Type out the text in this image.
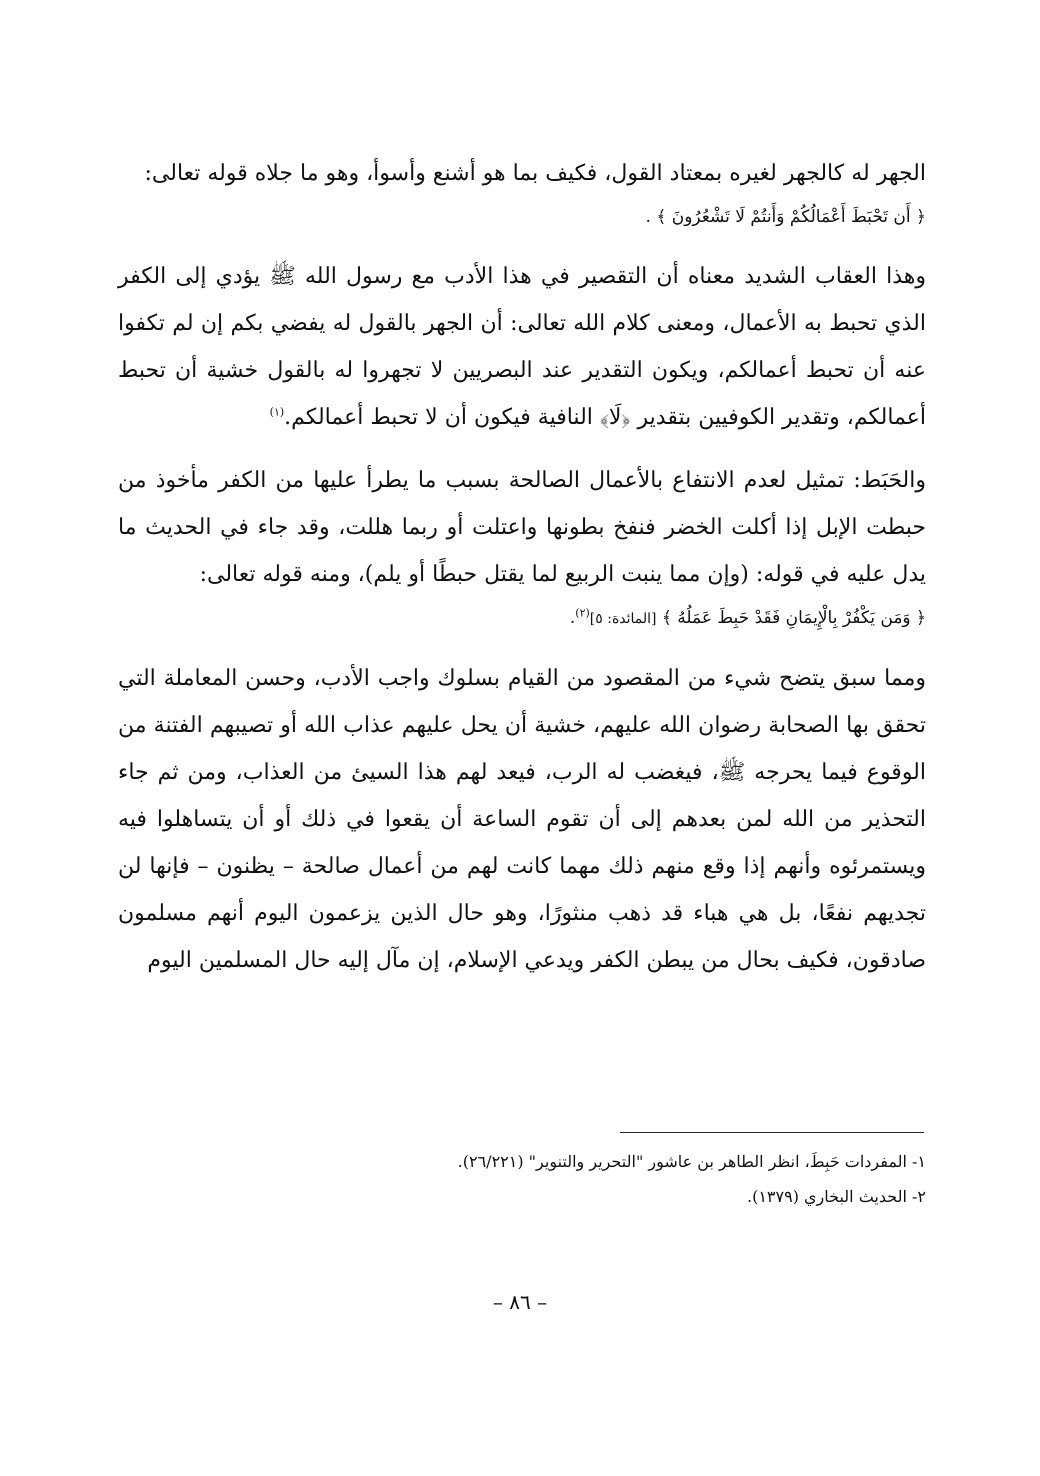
الجهر له كالجهر لغيره بمعتاد القول، فكيف بما هو أشنع وأسوأ، وهو ما جلاه قوله تعالى:
﴿ أَن تَحْبَطَ أَعْمَالُكُمْ وَأَنتُمْ لَا تَشْعُرُونَ ﴾ .

وهذا العقاب الشديد معناه أن التقصير في هذا الأدب مع رسول الله ﷺ يؤدي إلى الكفر الذي تحبط به الأعمال، ومعنى كلام الله تعالى: أن الجهر بالقول له يفضي بكم إن لم تكفوا عنه أن تحبط أعمالكم، ويكون التقدير عند البصريين لا تجهروا له بالقول خشية أن تحبط أعمالكم، وتقدير الكوفيين بتقدير ﴿لَا﴾ النافية فيكون أن لا تحبط أعمالكم.$^{(١)}$

والحَبَط: تمثيل لعدم الانتفاع بالأعمال الصالحة بسبب ما يطرأ عليها من الكفر مأخوذ من حبطت الإبل إذا أكلت الخضر فنفخ بطونها واعتلت أو ربما هللت، وقد جاء في الحديث ما يدل عليه في قوله: (وإن مما ينبت الربيع لما يقتل حبطًا أو يلم)، ومنه قوله تعالى:
﴿ وَمَن يَكْفُرْ بِالْإِيمَانِ فَقَدْ حَبِطَ عَمَلُهُ ﴾ [المائدة: ٥]$^{(٢)}$.

ومما سبق يتضح شيء من المقصود من القيام بسلوك واجب الأدب، وحسن المعاملة التي تحقق بها الصحابة رضوان الله عليهم، خشية أن يحل عليهم عذاب الله أو تصيبهم الفتنة من الوقوع فيما يحرجه ﷺ، فيغضب له الرب، فيعد لهم هذا السيئ من العذاب، ومن ثم جاء التحذير من الله لمن بعدهم إلى أن تقوم الساعة أن يقعوا في ذلك أو أن يتساهلوا فيه ويستمرئوه وأنهم إذا وقع منهم ذلك مهما كانت لهم من أعمال صالحة – يظنون – فإنها لن تجديهم نفعًا، بل هي هباء قد ذهب منثورًا، وهو حال الذين يزعمون اليوم أنهم مسلمون صادقون، فكيف بحال من يبطن الكفر ويدعي الإسلام، إن مآل إليه حال المسلمين اليوم

١- المفردات حَبِطَ، انظر الطاهر بن عاشور "التحرير والتنوير" (٢٦/٢٢١).

٢- الحديث البخاري (١٣٧٩).

– ٨٦ –
